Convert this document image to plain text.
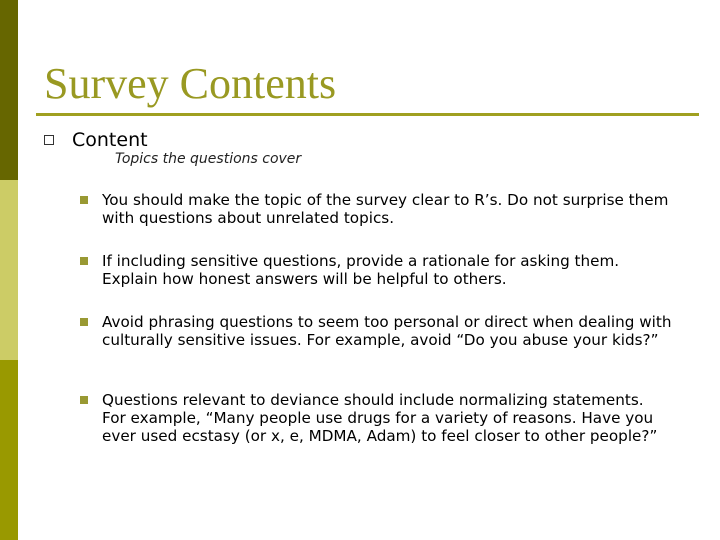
Survey Contents
Content
Topics the questions cover
You should make the topic of the survey clear to R’s. Do not surprise them with questions about unrelated topics.
If including sensitive questions, provide a rationale for asking them. Explain how honest answers will be helpful to others.
Avoid phrasing questions to seem too personal or direct when dealing with culturally sensitive issues. For example, avoid “Do you abuse your kids?”
Questions relevant to deviance should include normalizing statements. For example, “Many people use drugs for a variety of reasons. Have you ever used ecstasy (or x, e, MDMA, Adam) to feel closer to other people?”
